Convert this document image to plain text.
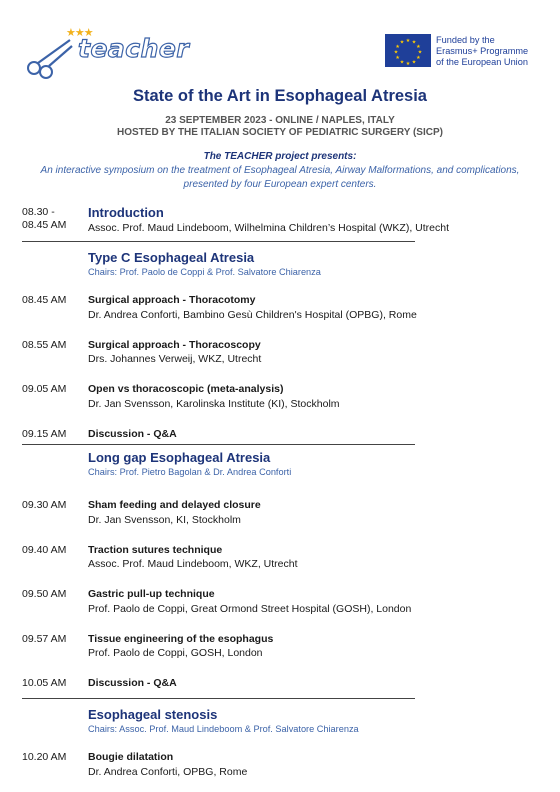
★★★
teacher	★ ★
★
★
★
★
★
★
★
★
★
★	Funded by the
Erasmus+ Programme
of the European Union
State of the Art in Esophageal Atresia
23 SEPTEMBER 2023 - ONLINE / NAPLES, ITALY
HOSTED BY THE ITALIAN SOCIETY OF PEDIATRIC SURGERY (SICP)
The TEACHER project presents:
An interactive symposium on the treatment of Esophageal Atresia, Airway Malformations, and complications, presented by four European expert centers.
08.30 - 08.45 AM
Introduction
Assoc. Prof. Maud Lindeboom, Wilhelmina Children’s Hospital (WKZ), Utrecht
Type C Esophageal Atresia
Chairs: Prof. Paolo de Coppi & Prof. Salvatore Chiarenza
08.45 AM Surgical approach - Thoracotomy
Dr. Andrea Conforti, Bambino Gesù Children's Hospital (OPBG), Rome
08.55 AM Surgical approach - Thoracoscopy
Drs. Johannes Verweij, WKZ, Utrecht
09.05 AM Open vs thoracoscopic (meta-analysis)
Dr. Jan Svensson, Karolinska Institute (KI), Stockholm
09.15 AM Discussion - Q&A
Long gap Esophageal Atresia
Chairs: Prof. Pietro Bagolan & Dr. Andrea Conforti
09.30 AM Sham feeding and delayed closure
Dr. Jan Svensson, KI, Stockholm
09.40 AM Traction sutures technique
Assoc. Prof. Maud Lindeboom, WKZ, Utrecht
09.50 AM Gastric pull-up technique
Prof. Paolo de Coppi, Great Ormond Street Hospital (GOSH), London
09.57 AM Tissue engineering of the esophagus
Prof. Paolo de Coppi, GOSH, London
10.05 AM Discussion - Q&A
Esophageal stenosis
Chairs: Assoc. Prof. Maud Lindeboom & Prof. Salvatore Chiarenza
10.20 AM Bougie dilatation
Dr. Andrea Conforti, OPBG, Rome
